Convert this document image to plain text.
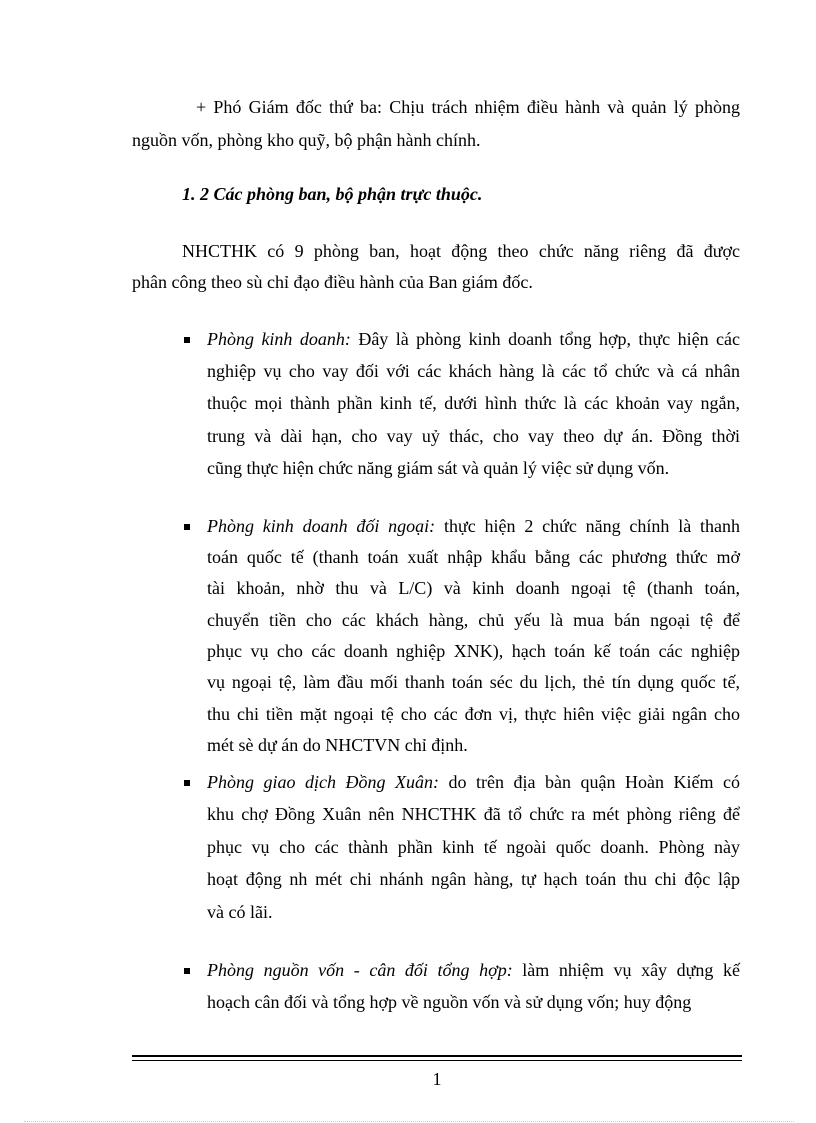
+ Phó Giám đốc thứ ba: Chịu trách nhiệm điều hành và quản lý phòng
nguồn vốn, phòng kho quỹ, bộ phận hành chính.
1. 2 Các phòng ban, bộ phận trực thuộc.
NHCTHK có 9 phòng ban, hoạt động theo chức năng riêng đã được
phân công theo sù chỉ đạo điều hành của Ban giám đốc.
Phòng kinh doanh: Đây là phòng kinh doanh tổng hợp, thực hiện các
nghiệp vụ cho vay đối với các khách hàng là các tổ chức và cá nhân
thuộc mọi thành phần kinh tế, dưới hình thức là các khoản vay ngắn,
trung và dài hạn, cho vay uỷ thác, cho vay theo dự án. Đồng thời
cũng thực hiện chức năng giám sát và quản lý việc sử dụng vốn.
Phòng kinh doanh đối ngoại: thực hiện 2 chức năng chính là thanh
toán quốc tế (thanh toán xuất nhập khẩu bằng các phương thức mở
tài khoản, nhờ thu và L/C) và kinh doanh ngoại tệ (thanh toán,
chuyển tiền cho các khách hàng, chủ yếu là mua bán ngoại tệ để
phục vụ cho các doanh nghiệp XNK), hạch toán kế toán các nghiệp
vụ ngoại tệ, làm đầu mối thanh toán séc du lịch, thẻ tín dụng quốc tế,
thu chi tiền mặt ngoại tệ cho các đơn vị, thực hiên việc giải ngân cho
mét sè dự án do NHCTVN chỉ định.
Phòng giao dịch Đồng Xuân: do trên địa bàn quận Hoàn Kiếm có
khu chợ Đồng Xuân nên NHCTHK đã tổ chức ra mét phòng riêng để
phục vụ cho các thành phần kinh tế ngoài quốc doanh. Phòng này
hoạt động nh mét chi nhánh ngân hàng, tự hạch toán thu chi độc lập
và có lãi.
Phòng nguồn vốn - cân đối tổng hợp: làm nhiệm vụ xây dựng kế
hoạch cân đối và tổng hợp về nguồn vốn và sử dụng vốn; huy động
1
